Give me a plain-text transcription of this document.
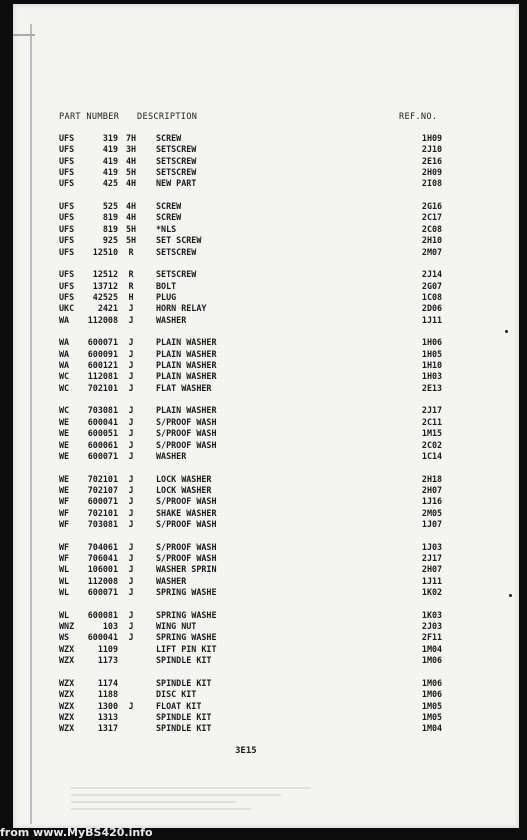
PART NUMBER DESCRIPTION	REF.NO.
UFS	319 7H SCREW	1H09
UFS	419 3H SETSCREW	2J10
UFS	419 4H SETSCREW	2E16
UFS	419 5H SETSCREW	2H09
UFS	425 4H NEW PART	2I08
UFS	525 4H SCREW	2G16
UFS	819 4H SCREW	2C17
UFS	819 5H *NLS	2C08
UFS	925 5H SET SCREW	2H10
UFS	12510	R	SETSCREW	2M07
UFS	12512	R	SETSCREW	2J14
UFS	13712	R	BOLT	2G07
UFS	42525	H	PLUG	1C08
UKC	2421	J	HORN RELAY	2D06
WA	112008	J	WASHER	1J11
WA	600071	J	PLAIN WASHER	1H06
WA	600091	J	PLAIN WASHER	1H05
WA	600121	J	PLAIN WASHER	1H10
WC	112081	J	PLAIN WASHER	1H03
WC	702101	J	FLAT WASHER	2E13
WC	703081	J	PLAIN WASHER	2J17
WE	600041	J	S/PROOF WASH	2C11
WE	600051	J	S/PROOF WASH	1M15
WE	600061	J	S/PROOF WASH	2C02
WE	600071	J	WASHER	1C14
WE	702101	J	LOCK WASHER	2H18
WE	702107	J	LOCK WASHER	2H07
WF	600071	J	S/PROOF WASH	1J16
WF	702101	J	SHAKE WASHER	2M05
WF	703081	J	S/PROOF WASH	1J07
WF	704061	J	S/PROOF WASH	1J03
WF	706041	J	S/PROOF WASH	2J17
WL	106001	J	WASHER SPRIN	2H07
WL	112008	J	WASHER	1J11
WL	600071	J	SPRING WASHE	1K02
WL	600081	J	SPRING WASHE	1K03
WNZ	103	J	WING NUT	2J03
WS	600041	J	SPRING WASHE	2F11
WZX	1109	LIFT PIN KIT	1M04
WZX	1173	SPINDLE KIT	1M06
WZX	1174	SPINDLE KIT	1M06
WZX	1188	DISC KIT	1M06
WZX	1300	J	FLOAT KIT	1M05
WZX	1313	SPINDLE KIT	1M05
WZX	1317	SPINDLE KIT	1M04
3E15
from www.MyBS420.info
